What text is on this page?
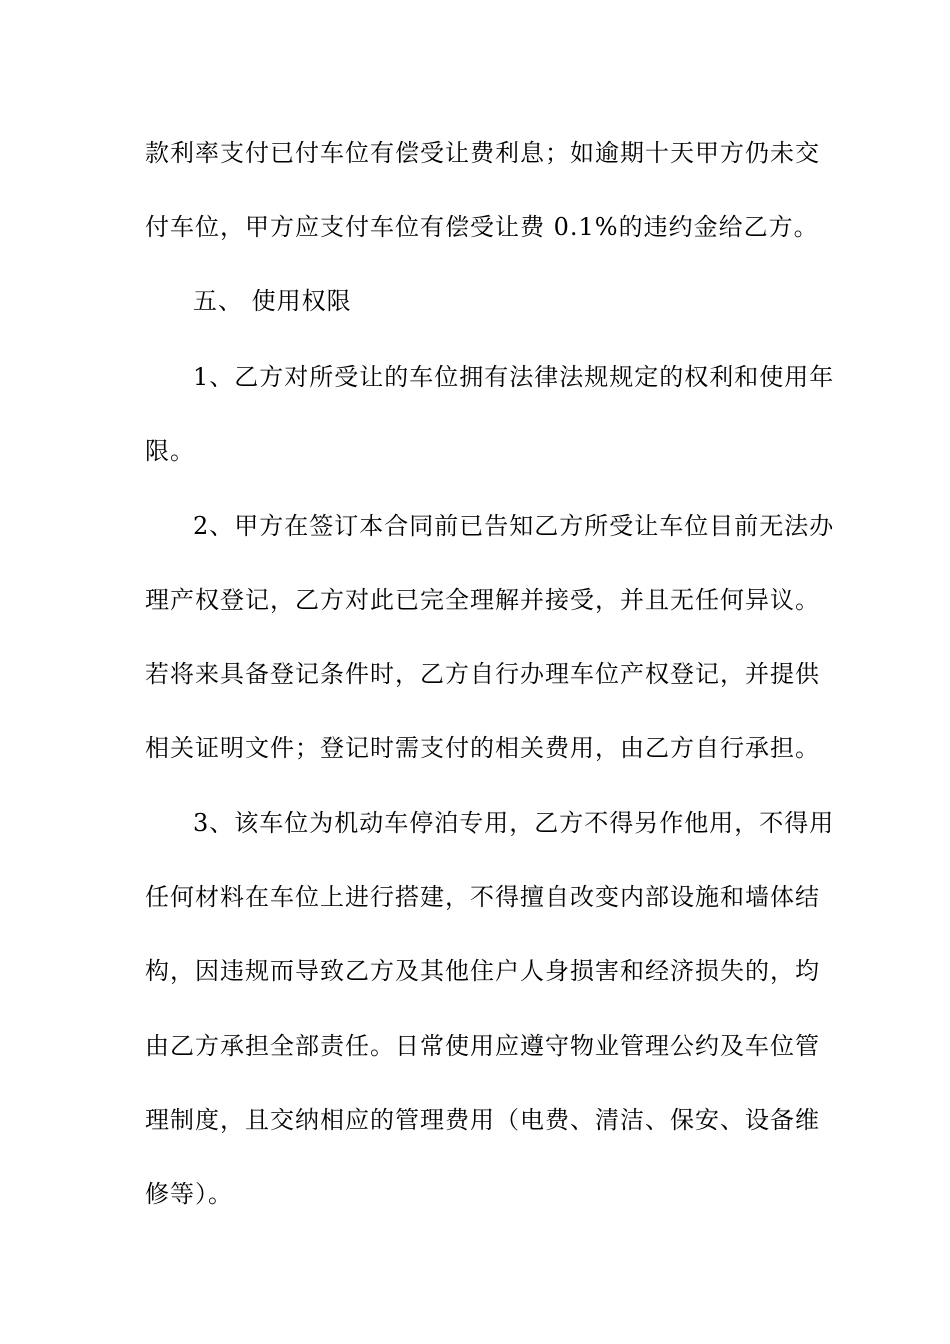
款利率支付已付车位有偿受让费利息；如逾期十天甲方仍未交
付车位，甲方应支付车位有偿受让费 0.1%的违约金给乙方。
五、 使用权限
1、乙方对所受让的车位拥有法律法规规定的权利和使用年
限。
2、甲方在签订本合同前已告知乙方所受让车位目前无法办
理产权登记，乙方对此已完全理解并接受，并且无任何异议。
若将来具备登记条件时，乙方自行办理车位产权登记，并提供
相关证明文件；登记时需支付的相关费用，由乙方自行承担。
3、该车位为机动车停泊专用，乙方不得另作他用，不得用
任何材料在车位上进行搭建，不得擅自改变内部设施和墙体结
构，因违规而导致乙方及其他住户人身损害和经济损失的，均
由乙方承担全部责任。日常使用应遵守物业管理公约及车位管
理制度，且交纳相应的管理费用（电费、清洁、保安、设备维
修等）。
